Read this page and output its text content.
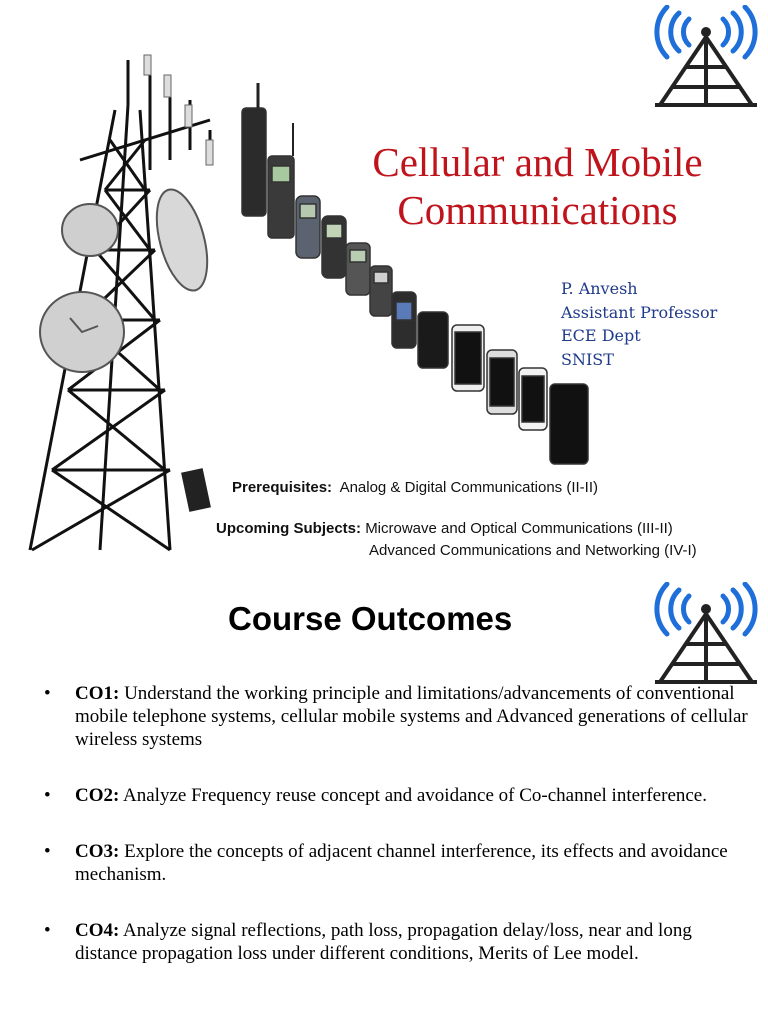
Cellular and Mobile
Communications
P. Anvesh
Assistant Professor
ECE Dept
SNIST
Prerequisites: Analog & Digital Communications (II-II)
Upcoming Subjects: Microwave and Optical Communications (III-II)
Advanced Communications and Networking (IV-I)
Course Outcomes
• CO1: Understand the working principle and limitations/advancements of conventional mobile telephone systems, cellular mobile systems and Advanced generations of cellular wireless systems
• CO2: Analyze Frequency reuse concept and avoidance of Co-channel interference.
• CO3: Explore the concepts of adjacent channel interference, its effects and avoidance mechanism.
• CO4: Analyze signal reflections, path loss, propagation delay/loss, near and long distance propagation loss under different conditions, Merits of Lee model.
